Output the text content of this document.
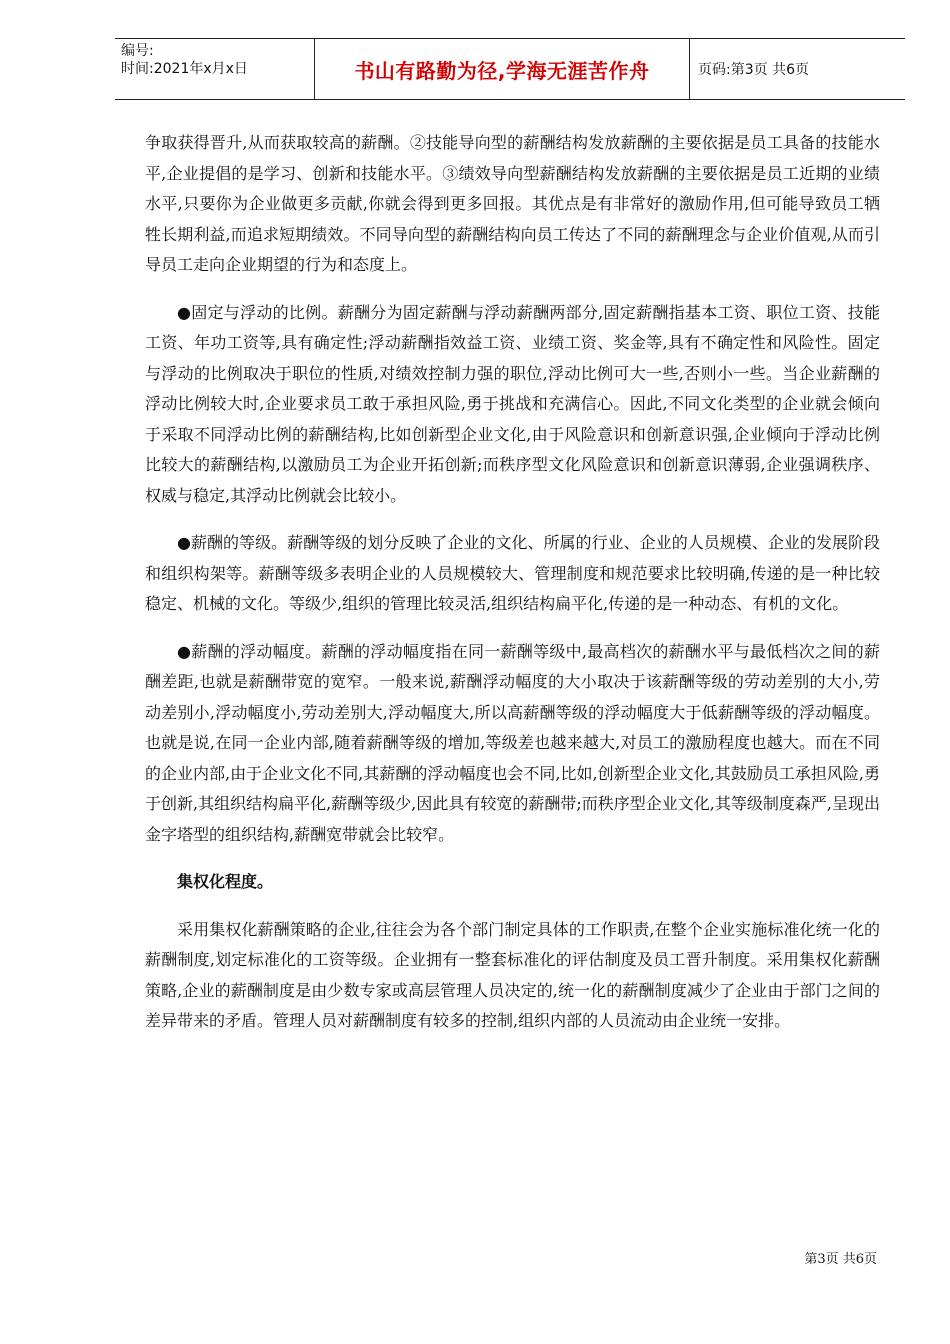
编号:
时间:2021年x月x日	书山有路勤为径,学海无涯苦作舟	页码:第3页 共6页

争取获得晋升,从而获取较高的薪酬。②技能导向型的薪酬结构发放薪酬的主要依据是员工具备的技能水平,企业提倡的是学习、创新和技能水平。③绩效导向型薪酬结构发放薪酬的主要依据是员工近期的业绩水平,只要你为企业做更多贡献,你就会得到更多回报。其优点是有非常好的激励作用,但可能导致员工牺牲长期利益,而追求短期绩效。不同导向型的薪酬结构向员工传达了不同的薪酬理念与企业价值观,从而引导员工走向企业期望的行为和态度上。

●固定与浮动的比例。薪酬分为固定薪酬与浮动薪酬两部分,固定薪酬指基本工资、职位工资、技能工资、年功工资等,具有确定性;浮动薪酬指效益工资、业绩工资、奖金等,具有不确定性和风险性。固定与浮动的比例取决于职位的性质,对绩效控制力强的职位,浮动比例可大一些,否则小一些。当企业薪酬的浮动比例较大时,企业要求员工敢于承担风险,勇于挑战和充满信心。因此,不同文化类型的企业就会倾向于采取不同浮动比例的薪酬结构,比如创新型企业文化,由于风险意识和创新意识强,企业倾向于浮动比例比较大的薪酬结构,以激励员工为企业开拓创新;而秩序型文化风险意识和创新意识薄弱,企业强调秩序、权威与稳定,其浮动比例就会比较小。

●薪酬的等级。薪酬等级的划分反映了企业的文化、所属的行业、企业的人员规模、企业的发展阶段和组织构架等。薪酬等级多表明企业的人员规模较大、管理制度和规范要求比较明确,传递的是一种比较稳定、机械的文化。等级少,组织的管理比较灵活,组织结构扁平化,传递的是一种动态、有机的文化。

●薪酬的浮动幅度。薪酬的浮动幅度指在同一薪酬等级中,最高档次的薪酬水平与最低档次之间的薪酬差距,也就是薪酬带宽的宽窄。一般来说,薪酬浮动幅度的大小取决于该薪酬等级的劳动差别的大小,劳动差别小,浮动幅度小,劳动差别大,浮动幅度大,所以高薪酬等级的浮动幅度大于低薪酬等级的浮动幅度。也就是说,在同一企业内部,随着薪酬等级的增加,等级差也越来越大,对员工的激励程度也越大。而在不同的企业内部,由于企业文化不同,其薪酬的浮动幅度也会不同,比如,创新型企业文化,其鼓励员工承担风险,勇于创新,其组织结构扁平化,薪酬等级少,因此具有较宽的薪酬带;而秩序型企业文化,其等级制度森严,呈现出金字塔型的组织结构,薪酬宽带就会比较窄。

集权化程度。

采用集权化薪酬策略的企业,往往会为各个部门制定具体的工作职责,在整个企业实施标准化统一化的薪酬制度,划定标准化的工资等级。企业拥有一整套标准化的评估制度及员工晋升制度。采用集权化薪酬策略,企业的薪酬制度是由少数专家或高层管理人员决定的,统一化的薪酬制度减少了企业由于部门之间的差异带来的矛盾。管理人员对薪酬制度有较多的控制,组织内部的人员流动由企业统一安排。

第3页 共6页
